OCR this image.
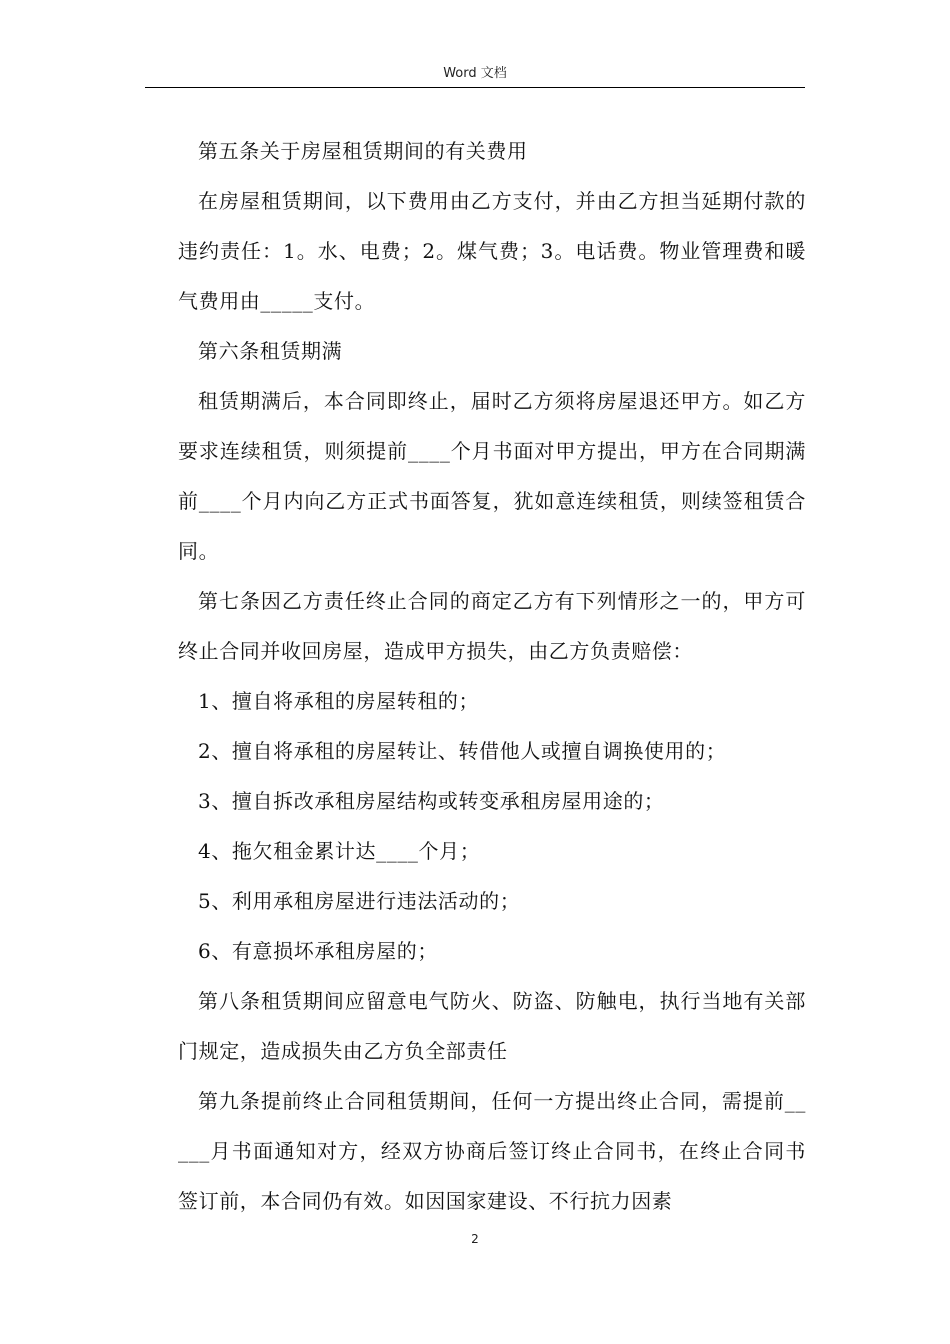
Word 文档

第五条关于房屋租赁期间的有关费用

在房屋租赁期间，以下费用由乙方支付，并由乙方担当延期付款的违约责任：1。水、电费；2。煤气费；3。电话费。物业管理费和暖气费用由_____支付。

第六条租赁期满

租赁期满后，本合同即终止，届时乙方须将房屋退还甲方。如乙方要求连续租赁，则须提前____个月书面对甲方提出，甲方在合同期满前____个月内向乙方正式书面答复，犹如意连续租赁，则续签租赁合同。

第七条因乙方责任终止合同的商定乙方有下列情形之一的，甲方可终止合同并收回房屋，造成甲方损失，由乙方负责赔偿：

1、擅自将承租的房屋转租的；

2、擅自将承租的房屋转让、转借他人或擅自调换使用的；

3、擅自拆改承租房屋结构或转变承租房屋用途的；

4、拖欠租金累计达____个月；

5、利用承租房屋进行违法活动的；

6、有意损坏承租房屋的；

第八条租赁期间应留意电气防火、防盗、防触电，执行当地有关部门规定，造成损失由乙方负全部责任

第九条提前终止合同租赁期间，任何一方提出终止合同，需提前_____月书面通知对方，经双方协商后签订终止合同书，在终止合同书签订前，本合同仍有效。如因国家建设、不行抗力因素

2
